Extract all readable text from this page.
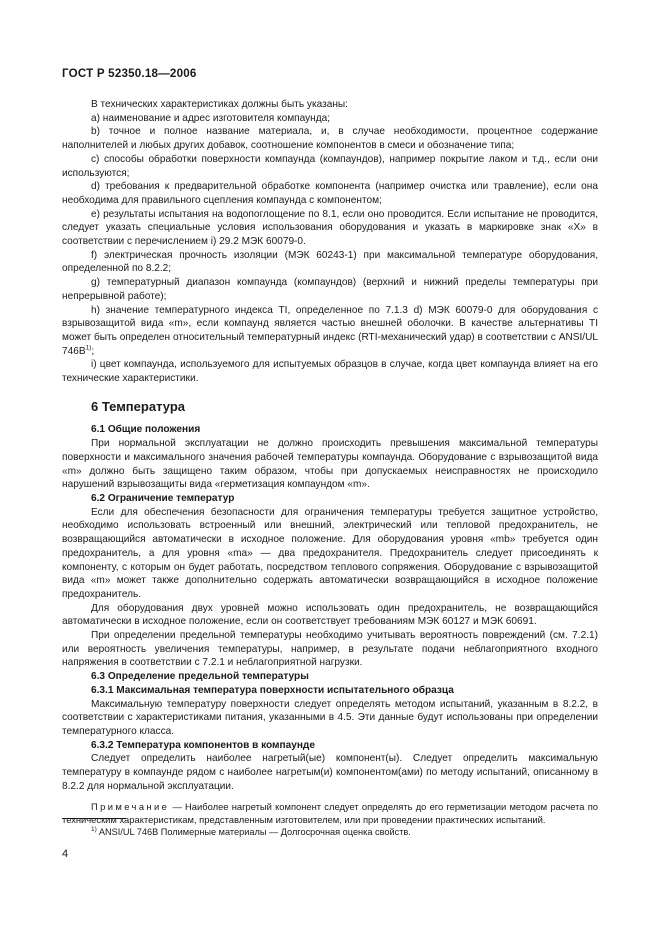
ГОСТ Р 52350.18—2006

В технических характеристиках должны быть указаны:

а) наименование и адрес изготовителя компаунда;

b) точное и полное название материала, и, в случае необходимости, процентное содержание наполнителей и любых других добавок, соотношение компонентов в смеси и обозначение типа;

c) способы обработки поверхности компаунда (компаундов), например покрытие лаком и т.д., если они используются;

d) требования к предварительной обработке компонента (например очистка или травление), если она необходима для правильного сцепления компаунда с компонентом;

e) результаты испытания на водопоглощение по 8.1, если оно проводится. Если испытание не проводится, следует указать специальные условия использования оборудования и указать в маркировке знак «X» в соответствии с перечислением i) 29.2 МЭК 60079-0.

f) электрическая прочность изоляции (МЭК 60243-1) при максимальной температуре оборудования, определенной по 8.2.2;

g) температурный диапазон компаунда (компаундов) (верхний и нижний пределы температуры при непрерывной работе);

h) значение температурного индекса TI, определенное по 7.1.3 d) МЭК 60079-0 для оборудования с взрывозащитой вида «m», если компаунд является частью внешней оболочки. В качестве альтернативы TI может быть определен относительный температурный индекс (RTI-механический удар) в соответствии с ANSI/UL $746B^{1)}$;

i) цвет компаунда, используемого для испытуемых образцов в случае, когда цвет компаунда влияет на его технические характеристики.

6 Температура

6.1 Общие положения

При нормальной эксплуатации не должно происходить превышения максимальной температуры поверхности и максимального значения рабочей температуры компаунда. Оборудование с взрывозащитой вида «m» должно быть защищено таким образом, чтобы при допускаемых неисправностях не происходило нарушений взрывозащиты вида «герметизация компаундом «m».

6.2 Ограничение температур

Если для обеспечения безопасности для ограничения температуры требуется защитное устройство, необходимо использовать встроенный или внешний, электрический или тепловой предохранитель, не возвращающийся автоматически в исходное положение. Для оборудования уровня «mb» требуется один предохранитель, а для уровня «ma» — два предохранителя. Предохранитель следует присоединять к компоненту, с которым он будет работать, посредством теплового сопряжения. Оборудование с взрывозащитой вида «m» может также дополнительно содержать автоматически возвращающийся в исходное положение предохранитель.

Для оборудования двух уровней можно использовать один предохранитель, не возвращающийся автоматически в исходное положение, если он соответствует требованиям МЭК 60127 и МЭК 60691.

При определении предельной температуры необходимо учитывать вероятность повреждений (см. 7.2.1) или вероятность увеличения температуры, например, в результате подачи неблагоприятного входного напряжения в соответствии с 7.2.1 и неблагоприятной нагрузки.

6.3 Определение предельной температуры

6.3.1 Максимальная температура поверхности испытательного образца

Максимальную температуру поверхности следует определять методом испытаний, указанным в 8.2.2, в соответствии с характеристиками питания, указанными в 4.5. Эти данные будут использованы при определении температурного класса.

6.3.2 Температура компонентов в компаунде

Следует определить наиболее нагретый(ые) компонент(ы). Следует определить максимальную температуру в компаунде рядом с наиболее нагретым(и) компонентом(ами) по методу испытаний, описанному в 8.2.2 для нормальной эксплуатации.

Примечание — Наиболее нагретый компонент следует определять до его герметизации методом расчета по техническим характеристикам, представленным изготовителем, или при проведении практических испытаний.

$^{1)}$ ANSI/UL 746B Полимерные материалы — Долгосрочная оценка свойств.
4
